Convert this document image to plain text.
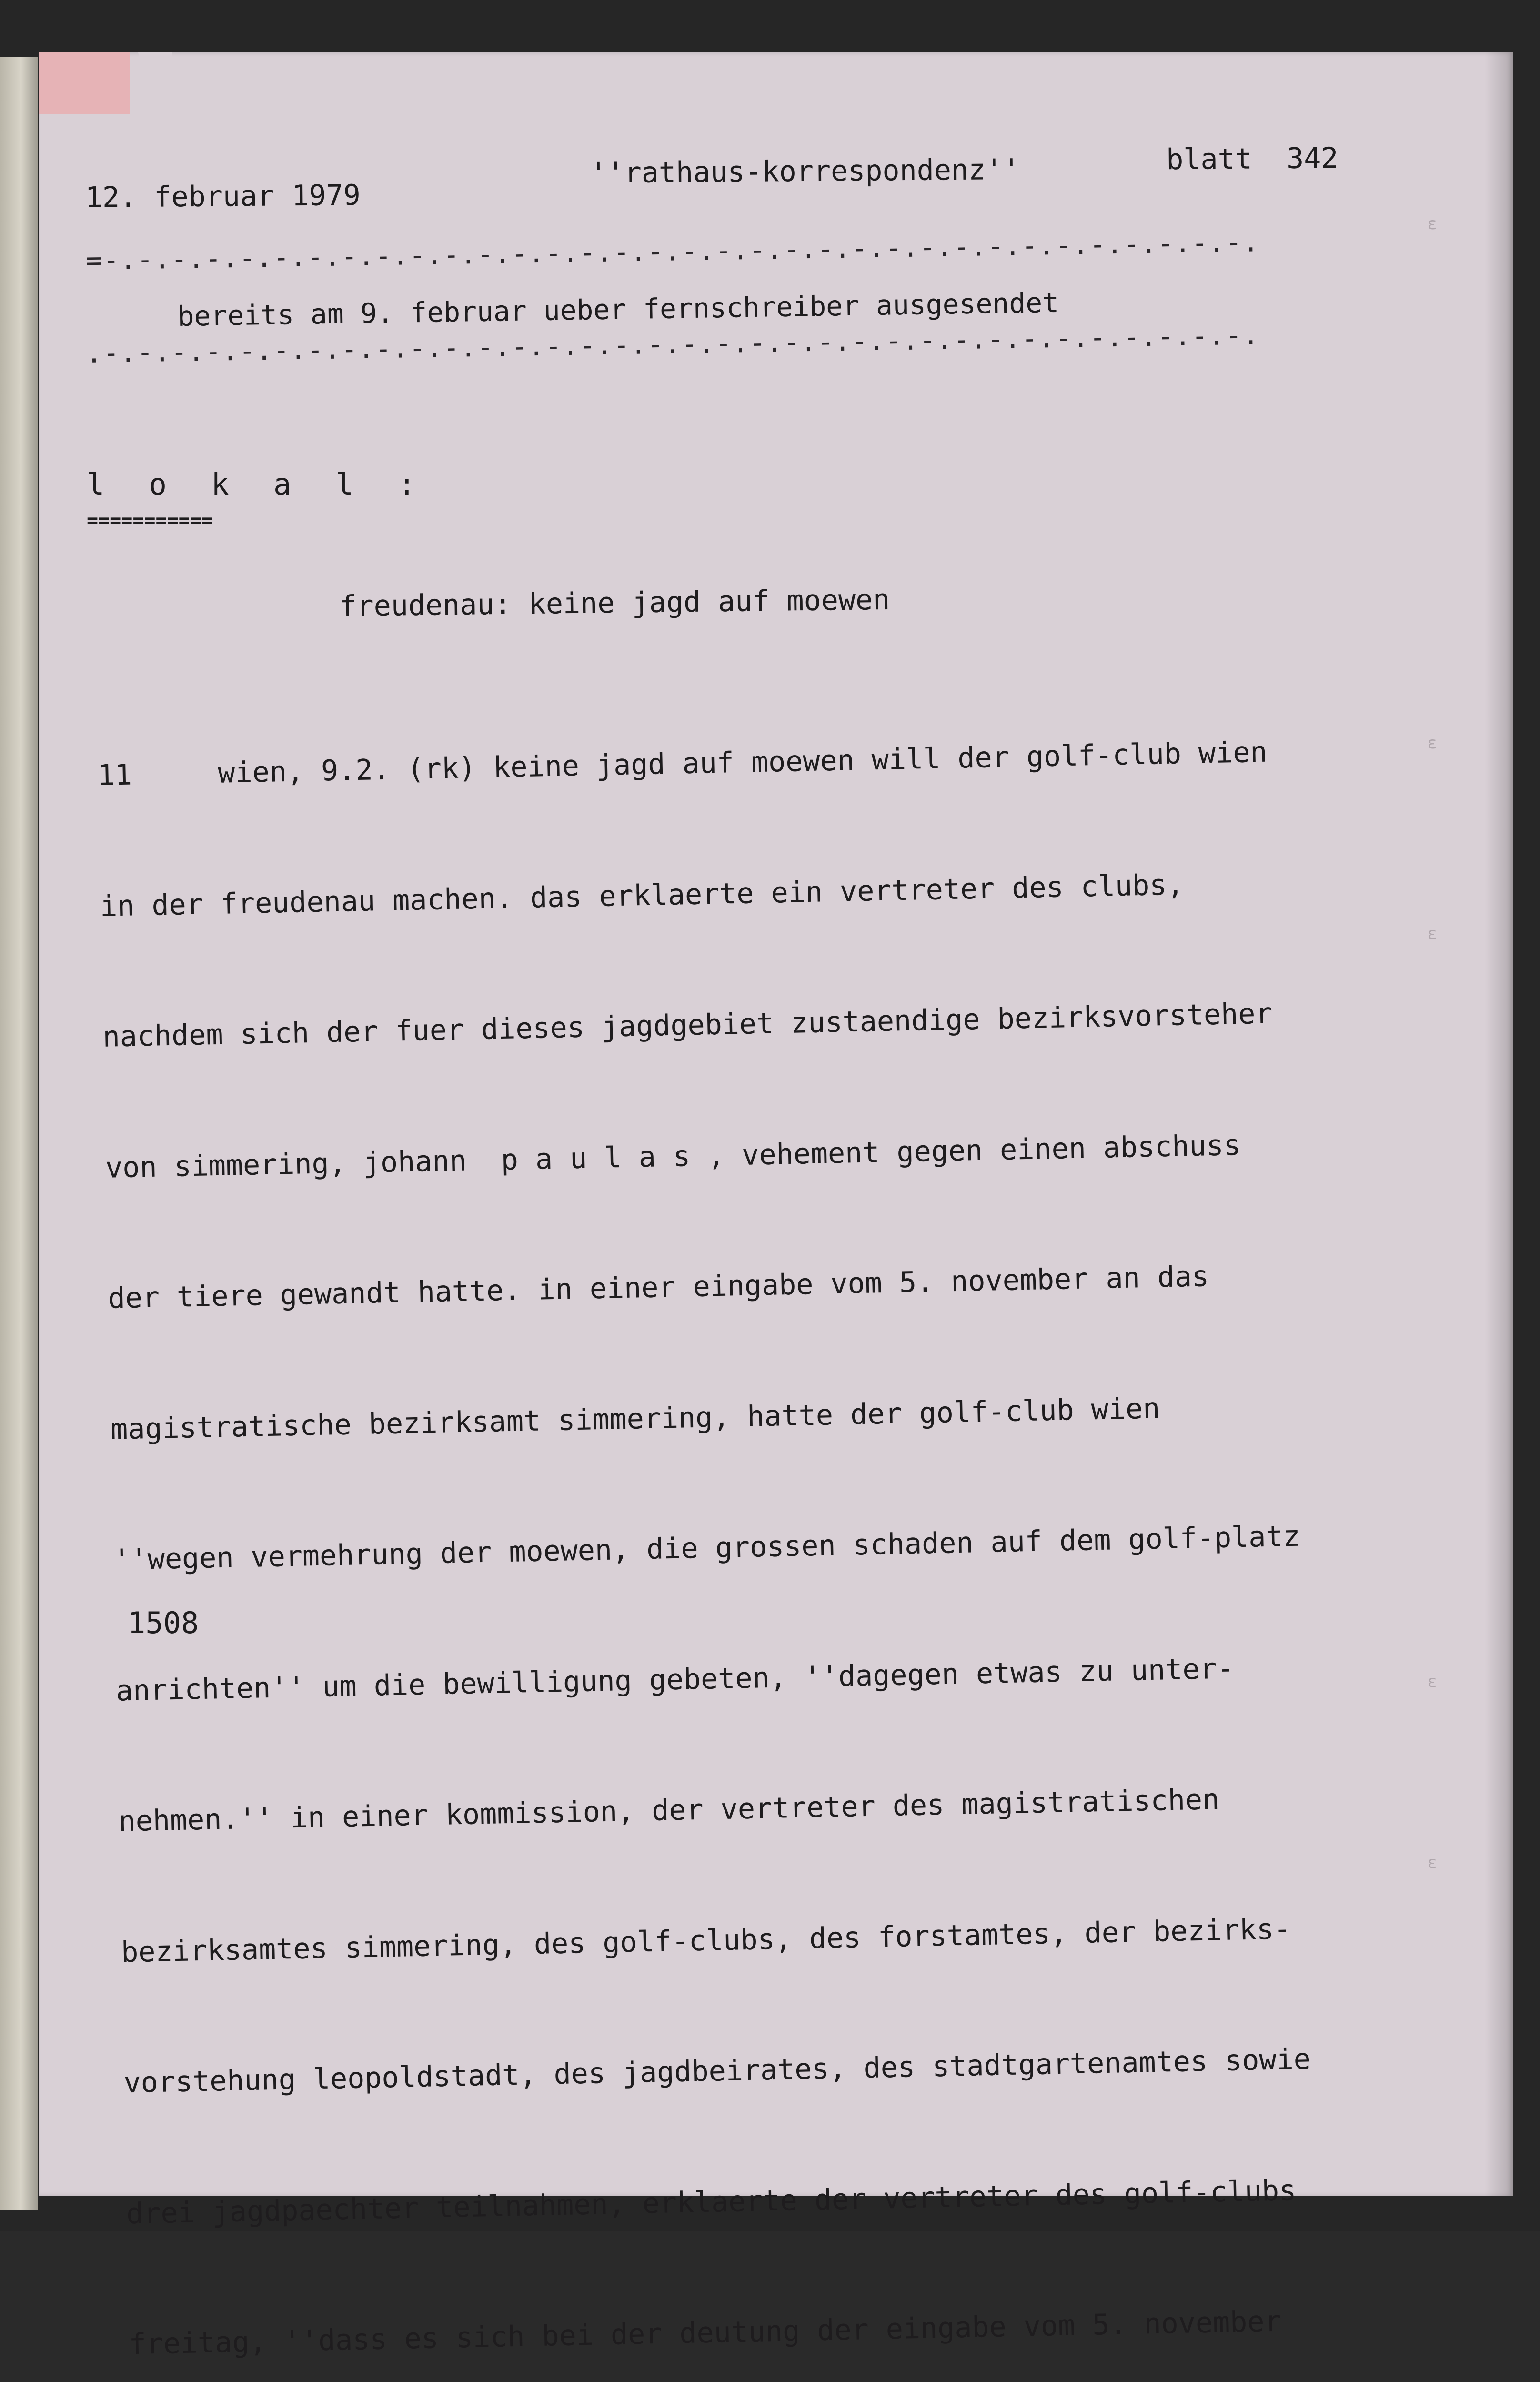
ɛ
ɛ
ɛ
ɛ
ɛ

12. februar 1979

''rathaus-korrespondenz''

	blatt  342

=-.-.-.-.-.-.-.-.-.-.-.-.-.-.-.-.-.-.-.-.-.-.-.-.-.-.-.-.-.-.-.-.-.-.

bereits am 9. februar ueber fernschreiber ausgesendet

.-.-.-.-.-.-.-.-.-.-.-.-.-.-.-.-.-.-.-.-.-.-.-.-.-.-.-.-.-.-.-.-.-.-.

l o k a l :

===========

freudenau: keine jagd auf moewen

11     wien, 9.2. (rk) keine jagd auf moewen will der golf-club wien

in der freudenau machen. das erklaerte ein vertreter des clubs,

nachdem sich der fuer dieses jagdgebiet zustaendige bezirksvorsteher

von simmering, johann  p a u l a s , vehement gegen einen abschuss

der tiere gewandt hatte. in einer eingabe vom 5. november an das

magistratische bezirksamt simmering, hatte der golf-club wien

''wegen vermehrung der moewen, die grossen schaden auf dem golf-platz

anrichten'' um die bewilligung gebeten, ''dagegen etwas zu unter-

nehmen.'' in einer kommission, der vertreter des magistratischen

bezirksamtes simmering, des golf-clubs, des forstamtes, der bezirks-

vorstehung leopoldstadt, des jagdbeirates, des stadtgartenamtes sowie

drei jagdpaechter teilnahmen, erklaerte der vertreter des golf-clubs

freitag, ''dass es sich bei der deutung der eingabe vom 5. november

1508
